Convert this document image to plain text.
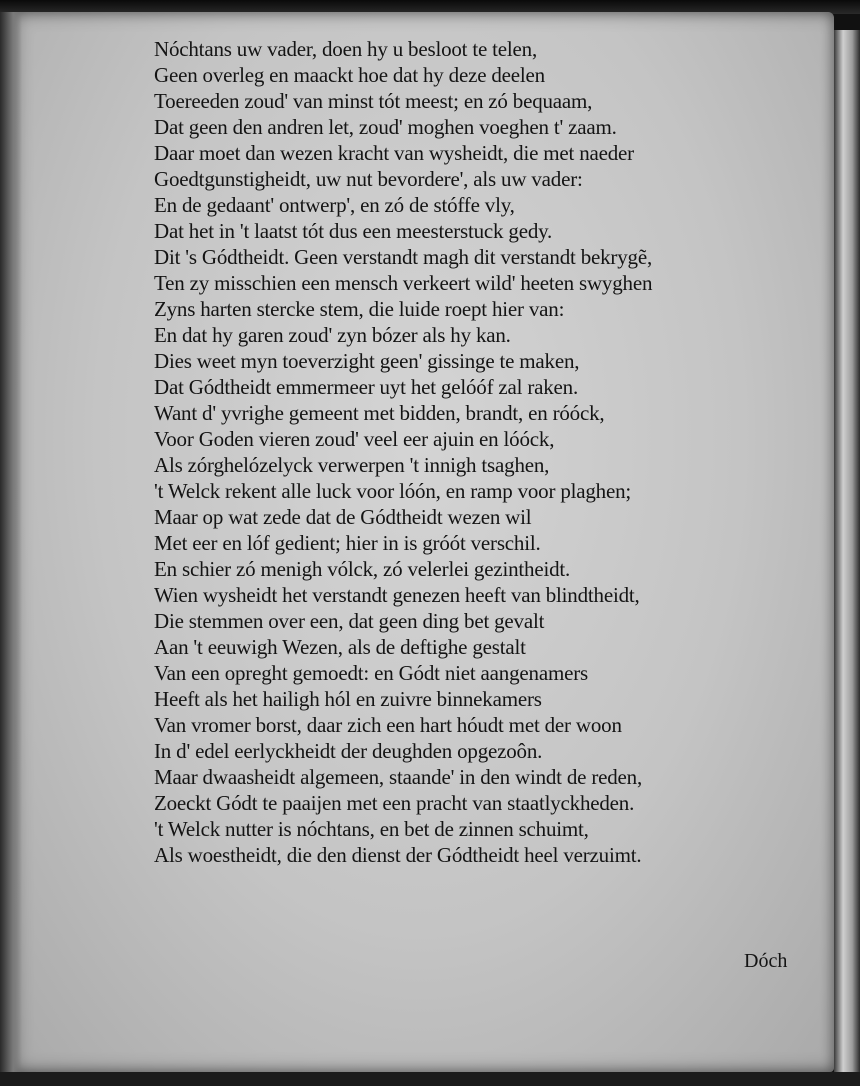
Nóchtans uw vader, doen hy u besloot te telen,
Geen overleg en maackt hoe dat hy deze deelen
Toereeden zoud' van minst tót meest; en zó bequaam,
Dat geen den andren let, zoud' moghen voeghen t' zaam.
Daar moet dan wezen kracht van wysheidt, die met naeder
Goedtgunstigheidt, uw nut bevordere', als uw vader:
En de gedaant' ontwerp', en zó de stóffe vly,
Dat het in 't laatst tót dus een meesterstuck gedy.
Dit 's Gódtheidt. Geen verstandt magh dit verstandt bekrygẽ,
Ten zy misschien een mensch verkeert wild' heeten swyghen
Zyns harten stercke stem, die luide roept hier van:
En dat hy garen zoud' zyn bózer als hy kan.
Dies weet myn toeverzight geen' gissinge te maken,
Dat Gódtheidt emmermeer uyt het gelóóf zal raken.
Want d' yvrighe gemeent met bidden, brandt, en róóck,
Voor Goden vieren zoud' veel eer ajuin en lóóck,
Als zórghelózelyck verwerpen 't innigh tsaghen,
't Welck rekent alle luck voor lóón, en ramp voor plaghen;
Maar op wat zede dat de Gódtheidt wezen wil
Met eer en lóf gedient; hier in is gróót verschil.
En schier zó menigh vólck, zó velerlei gezintheidt.
Wien wysheidt het verstandt genezen heeft van blindtheidt,
Die stemmen over een, dat geen ding bet gevalt
Aan 't eeuwigh Wezen, als de deftighe gestalt
Van een opreght gemoedt: en Gódt niet aangenamers
Heeft als het hailigh hól en zuivre binnekamers
Van vromer borst, daar zich een hart hóudt met der woon
In d' edel eerlyckheidt der deughden opgezoôn.
Maar dwaasheidt algemeen, staande' in den windt de reden,
Zoeckt Gódt te paaijen met een pracht van staatlyckheden.
't Welck nutter is nóchtans, en bet de zinnen schuimt,
Als woestheidt, die den dienst der Gódtheidt heel verzuimt.
Dóch
